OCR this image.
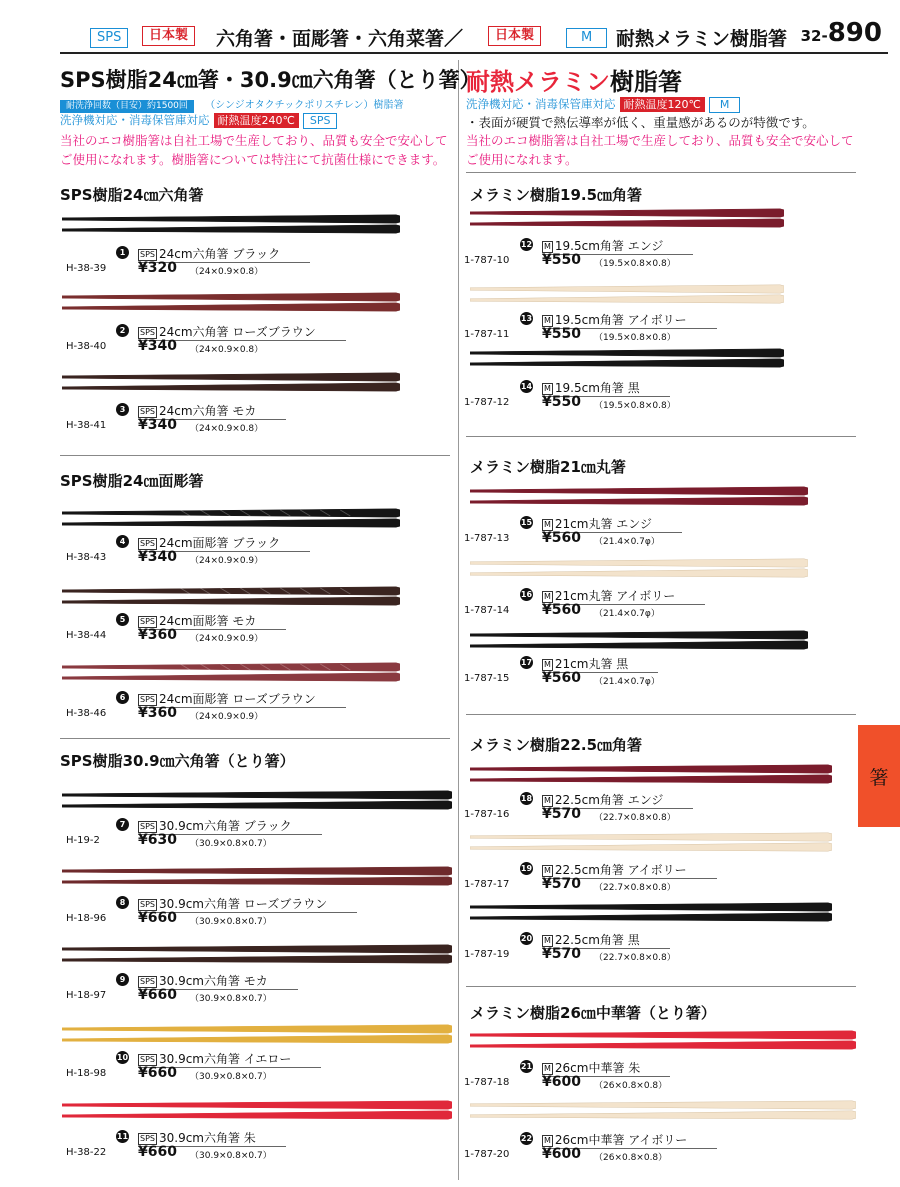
SPS	日本製	六角箸・面彫箸・六角菜箸／	日本製	M	耐熱メラミン樹脂箸 32-890
SPS樹脂24㎝箸・30.9㎝六角箸（とり箸）
耐洗浄回数（目安）約1500回 （シンジオタクチックポリスチレン）樹脂箸
洗浄機対応・消毒保管庫対応 耐熱温度240℃ SPS
当社のエコ樹脂箸は自社工場で生産しており、品質も安全で安心してご使用になれます。樹脂箸については特注にて抗菌仕様にできます。
耐熱メラミン樹脂箸
洗浄機対応・消毒保管庫対応 耐熱温度120℃ M
・表面が硬質で熱伝導率が低く、重量感があるのが特徴です。
当社のエコ樹脂箸は自社工場で生産しており、品質も安全で安心してご使用になれます。
SPS樹脂24㎝六角箸
SPS樹脂24㎝面彫箸
SPS樹脂30.9㎝六角箸（とり箸）
メラミン樹脂19.5㎝角箸
メラミン樹脂21㎝丸箸
メラミン樹脂22.5㎝角箸
メラミン樹脂26㎝中華箸（とり箸）
1	SPS 24cm六角箸 ブラック
H-38-39 ¥320 （24×0.9×0.8）
2	SPS 24cm六角箸 ローズブラウン
H-38-40 ¥340 （24×0.9×0.8）
3	SPS 24cm六角箸 モカ
H-38-41 ¥340 （24×0.9×0.8）
4	SPS 24cm面彫箸 ブラック
H-38-43 ¥340 （24×0.9×0.9）
5	SPS 24cm面彫箸 モカ
H-38-44 ¥360 （24×0.9×0.9）
6	SPS 24cm面彫箸 ローズブラウン
H-38-46 ¥360 （24×0.9×0.9）
7	SPS 30.9cm六角箸 ブラック
H-19-2	¥630 （30.9×0.8×0.7）
8	SPS 30.9cm六角箸 ローズブラウン
H-18-96 ¥660 （30.9×0.8×0.7）
9	SPS 30.9cm六角箸 モカ
H-18-97 ¥660 （30.9×0.8×0.7）
10 SPS 30.9cm六角箸 イエロー
H-18-98 ¥660 （30.9×0.8×0.7）
11 SPS 30.9cm六角箸 朱
H-38-22 ¥660 （30.9×0.8×0.7）
12 M 19.5cm角箸 エンジ
1-787-10 ¥550 （19.5×0.8×0.8）
13 M 19.5cm角箸 アイボリー
1-787-11 ¥550 （19.5×0.8×0.8）
14 M 19.5cm角箸 黒
1-787-12 ¥550 （19.5×0.8×0.8）
15 M 21cm丸箸 エンジ
1-787-13 ¥560 （21.4×0.7φ）
16 M 21cm丸箸 アイボリー
1-787-14 ¥560 （21.4×0.7φ）
17 M 21cm丸箸 黒
1-787-15 ¥560 （21.4×0.7φ）
18 M 22.5cm角箸 エンジ
1-787-16 ¥570 （22.7×0.8×0.8）
19 M 22.5cm角箸 アイボリー
1-787-17 ¥570 （22.7×0.8×0.8）
20 M 22.5cm角箸 黒
1-787-19 ¥570 （22.7×0.8×0.8）
21 M 26cm中華箸 朱
1-787-18 ¥600 （26×0.8×0.8）
22 M 26cm中華箸 アイボリー
1-787-20 ¥600 （26×0.8×0.8）
箸
